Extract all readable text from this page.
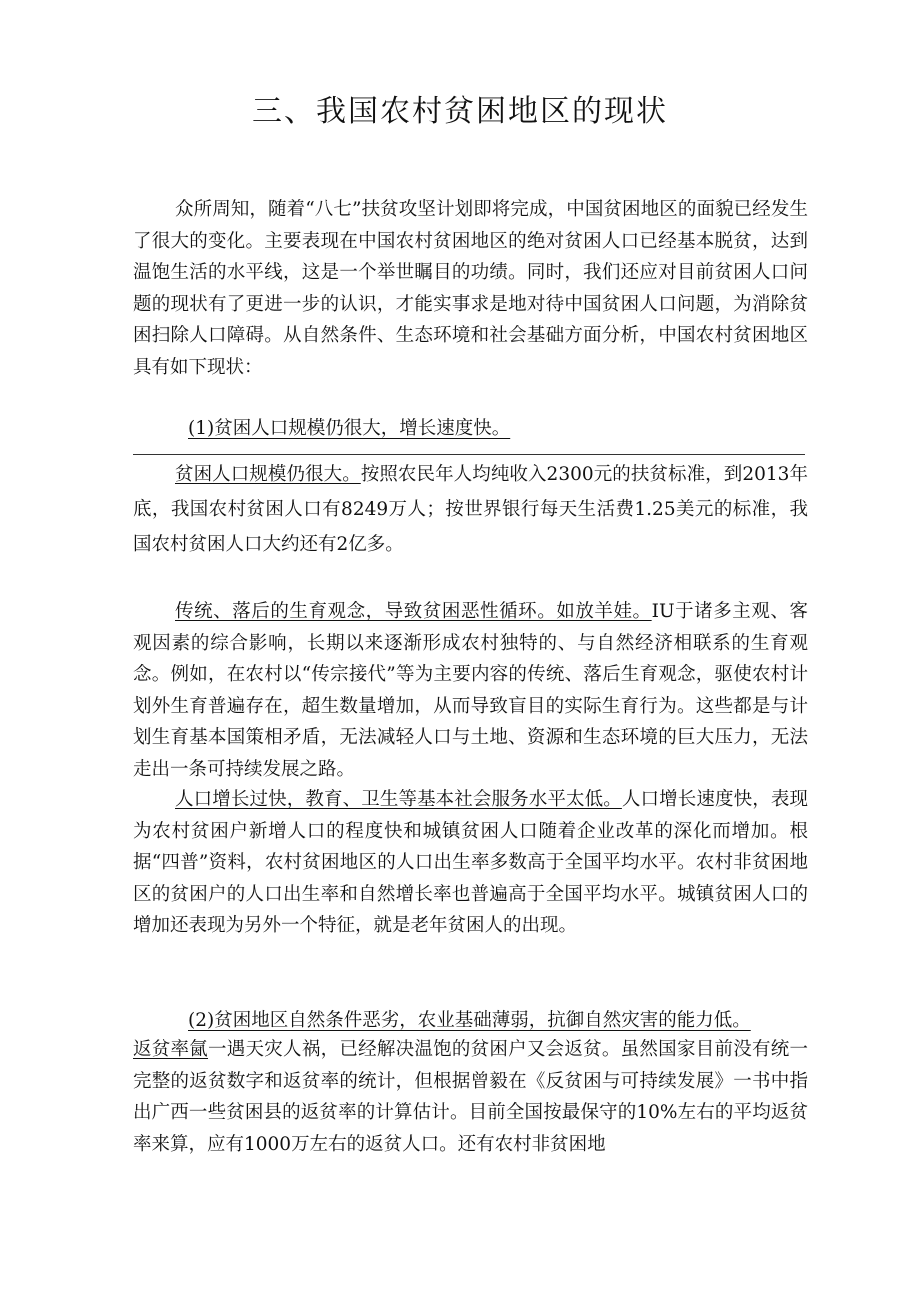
三、我国农村贫困地区的现状

众所周知，随着“八七”扶贫攻坚计划即将完成，中国贫困地区的面貌已经发生了很大的变化。主要表现在中国农村贫困地区的绝对贫困人口已经基本脱贫，达到温饱生活的水平线，这是一个举世瞩目的功绩。同时，我们还应对目前贫困人口问题的现状有了更进一步的认识，才能实事求是地对待中国贫困人口问题，为消除贫困扫除人口障碍。从自然条件、生态环境和社会基础方面分析，中国农村贫困地区具有如下现状：

(1)贫困人口规模仍很大，增长速度快。

贫困人口规模仍很大。按照农民年人均纯收入2300元的扶贫标准，到2013年底，我国农村贫困人口有8249万人；按世界银行每天生活费1.25美元的标准，我国农村贫困人口大约还有2亿多。

传统、落后的生育观念，导致贫困恶性循环。如放羊娃。IU于诸多主观、客观因素的综合影响，长期以来逐渐形成农村独特的、与自然经济相联系的生育观念。例如，在农村以“传宗接代”等为主要内容的传统、落后生育观念，驱使农村计划外生育普遍存在，超生数量增加，从而导致盲目的实际生育行为。这些都是与计划生育基本国策相矛盾，无法减轻人口与土地、资源和生态环境的巨大压力，无法走出一条可持续发展之路。

人口增长过快，教育、卫生等基本社会服务水平太低。人口增长速度快，表现为农村贫困户新增人口的程度快和城镇贫困人口随着企业改革的深化而增加。根据“四普”资料，农村贫困地区的人口出生率多数高于全国平均水平。农村非贫困地区的贫困户的人口出生率和自然增长率也普遍高于全国平均水平。城镇贫困人口的增加还表现为另外一个特征，就是老年贫困人的出现。

(2)贫困地区自然条件恶劣，农业基础薄弱，抗御自然灾害的能力低。

返贫率氤一遇天灾人祸，已经解决温饱的贫困户又会返贫。虽然国家目前没有统一完整的返贫数字和返贫率的统计，但根据曾毅在《反贫困与可持续发展》一书中指出广西一些贫困县的返贫率的计算估计。目前全国按最保守的10%左右的平均返贫率来算，应有1000万左右的返贫人口。还有农村非贫困地
